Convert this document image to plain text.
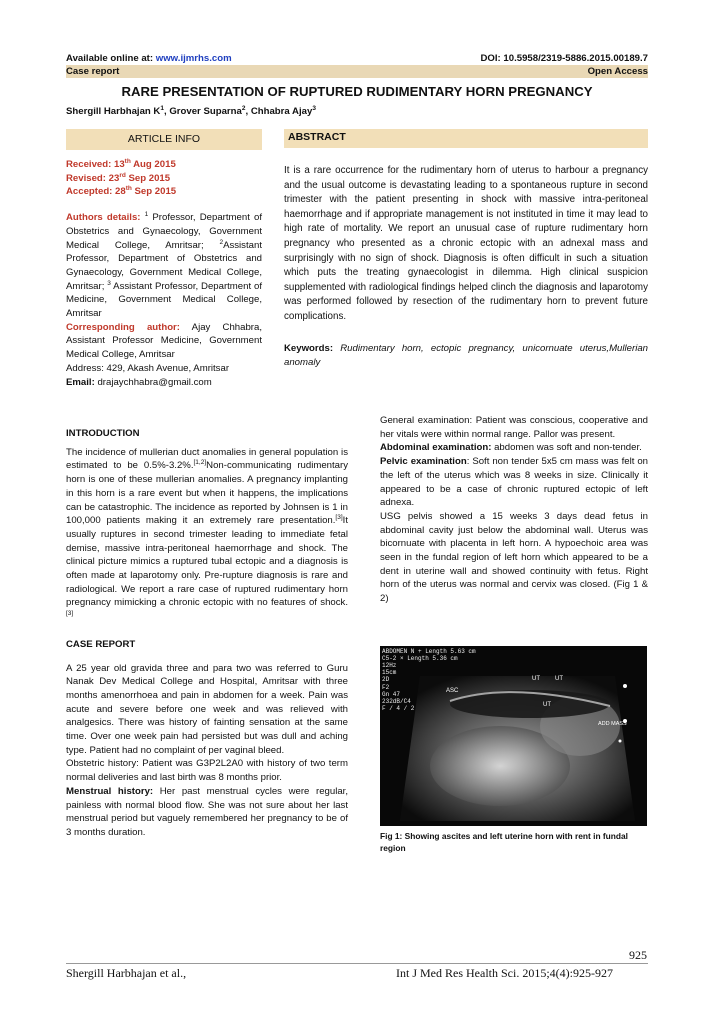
Available online at: www.ijmrhs.com	DOI: 10.5958/2319-5886.2015.00189.7
Case report	Open Access
RARE PRESENTATION OF RUPTURED RUDIMENTARY HORN PREGNANCY
Shergill Harbhajan $K^1$, Grover Suparna$^2$, Chhabra Ajay$^3$
ARTICLE INFO	ABSTRACT
Received: 13th Aug 2015
Revised: 23rd Sep 2015
Accepted: 28th Sep 2015
Authors details: $^1$ Professor, Department of Obstetrics and Gynaecology, Government Medical College, Amritsar; $^2$Assistant Professor, Department of Obstetrics and Gynaecology, Government Medical College, Amritsar; $^3$ Assistant Professor, Department of Medicine, Government Medical College, Amritsar
Corresponding author: Ajay Chhabra, Assistant Professor Medicine, Government Medical College, Amritsar
Address: 429, Akash Avenue, Amritsar
Email: drajaychhabra@gmail.com
It is a rare occurrence for the rudimentary horn of uterus to harbour a pregnancy and the usual outcome is devastating leading to a spontaneous rupture in second trimester with the patient presenting in shock with massive intra-peritoneal haemorrhage and if appropriate management is not instituted in time it may lead to high rate of mortality. We report an unusual case of rupture rudimentary horn pregnancy who presented as a chronic ectopic with an adnexal mass and surprisingly with no sign of shock. Diagnosis is often difficult in such a situation which puts the treating gynaecologist in dilemma. High clinical suspicion supplemented with radiological findings helped clinch the diagnosis and laparotomy was performed followed by resection of the rudimentary horn to prevent future complications.
Keywords: Rudimentary horn, ectopic pregnancy, unicornuate uterus,Mullerian anomaly
INTRODUCTION

The incidence of mullerian duct anomalies in general population is estimated to be 0.5%-3.2%.[1,2]Non-communicating rudimentary horn is one of these mullerian anomalies. A pregnancy implanting in this horn is a rare event but when it happens, the implications can be catastrophic. The incidence as reported by Johnsen is 1 in 100,000 patients making it an extremely rare presentation.[3]It usually ruptures in second trimester leading to immediate fetal demise, massive intra-peritoneal haemorrhage and shock. The clinical picture mimics a ruptured tubal ectopic and a diagnosis is often made at laparotomy only. Pre-rupture diagnosis is rare and radiological. We report a rare case of ruptured rudimentary horn pregnancy mimicking a chronic ectopic with no features of shock.[3]

CASE REPORT

A 25 year old gravida three and para two was referred to Guru Nanak Dev Medical College and Hospital, Amritsar with three months amenorrhoea and pain in abdomen for a week. Pain was acute and severe before one week and was relieved with analgesics. There was history of fainting sensation at the same time. Over one week pain had persisted but was dull and aching type. Patient had no complaint of per vaginal bleed.

Obstetric history: Patient was G3P2L2A0 with history of two term normal deliveries and last birth was 8 months prior.

Menstrual history: Her past menstrual cycles were regular, painless with normal blood flow. She was not sure about her last menstrual period but vaguely remembered her pregnancy to be of 3 months duration.

General examination: Patient was conscious, cooperative and her vitals were within normal range. Pallor was present.

Abdominal examination: abdomen was soft and non-tender.

Pelvic examination: Soft non tender 5x5 cm mass was felt on the left of the uterus which was 8 weeks in size. Clinically it appeared to be a case of chronic ruptured ectopic of left adnexa.

USG pelvis showed a 15 weeks 3 days dead fetus in abdominal cavity just below the abdominal wall. Uterus was bicornuate with placenta in left horn. A hypoechoic area was seen in the fundal region of left horn which appeared to be a dent in uterine wall and showed continuity with fetus. Right horn of the uterus was normal and cervix was closed. (Fig 1 & 2)

ABDOMEN N + Length 5.63 cm
C5-2 × Length 5.36 cm
12Hz
15cm
2D
F2
Gn 47
232dB/C4
F / 4 / 2
ASC
UT	UT
UT
ADD MASS
Fig 1: Showing ascites and left uterine horn with rent in fundal region
925
Shergill Harbhajan et al.,	Int J Med Res Health Sci. 2015;4(4):925-927
